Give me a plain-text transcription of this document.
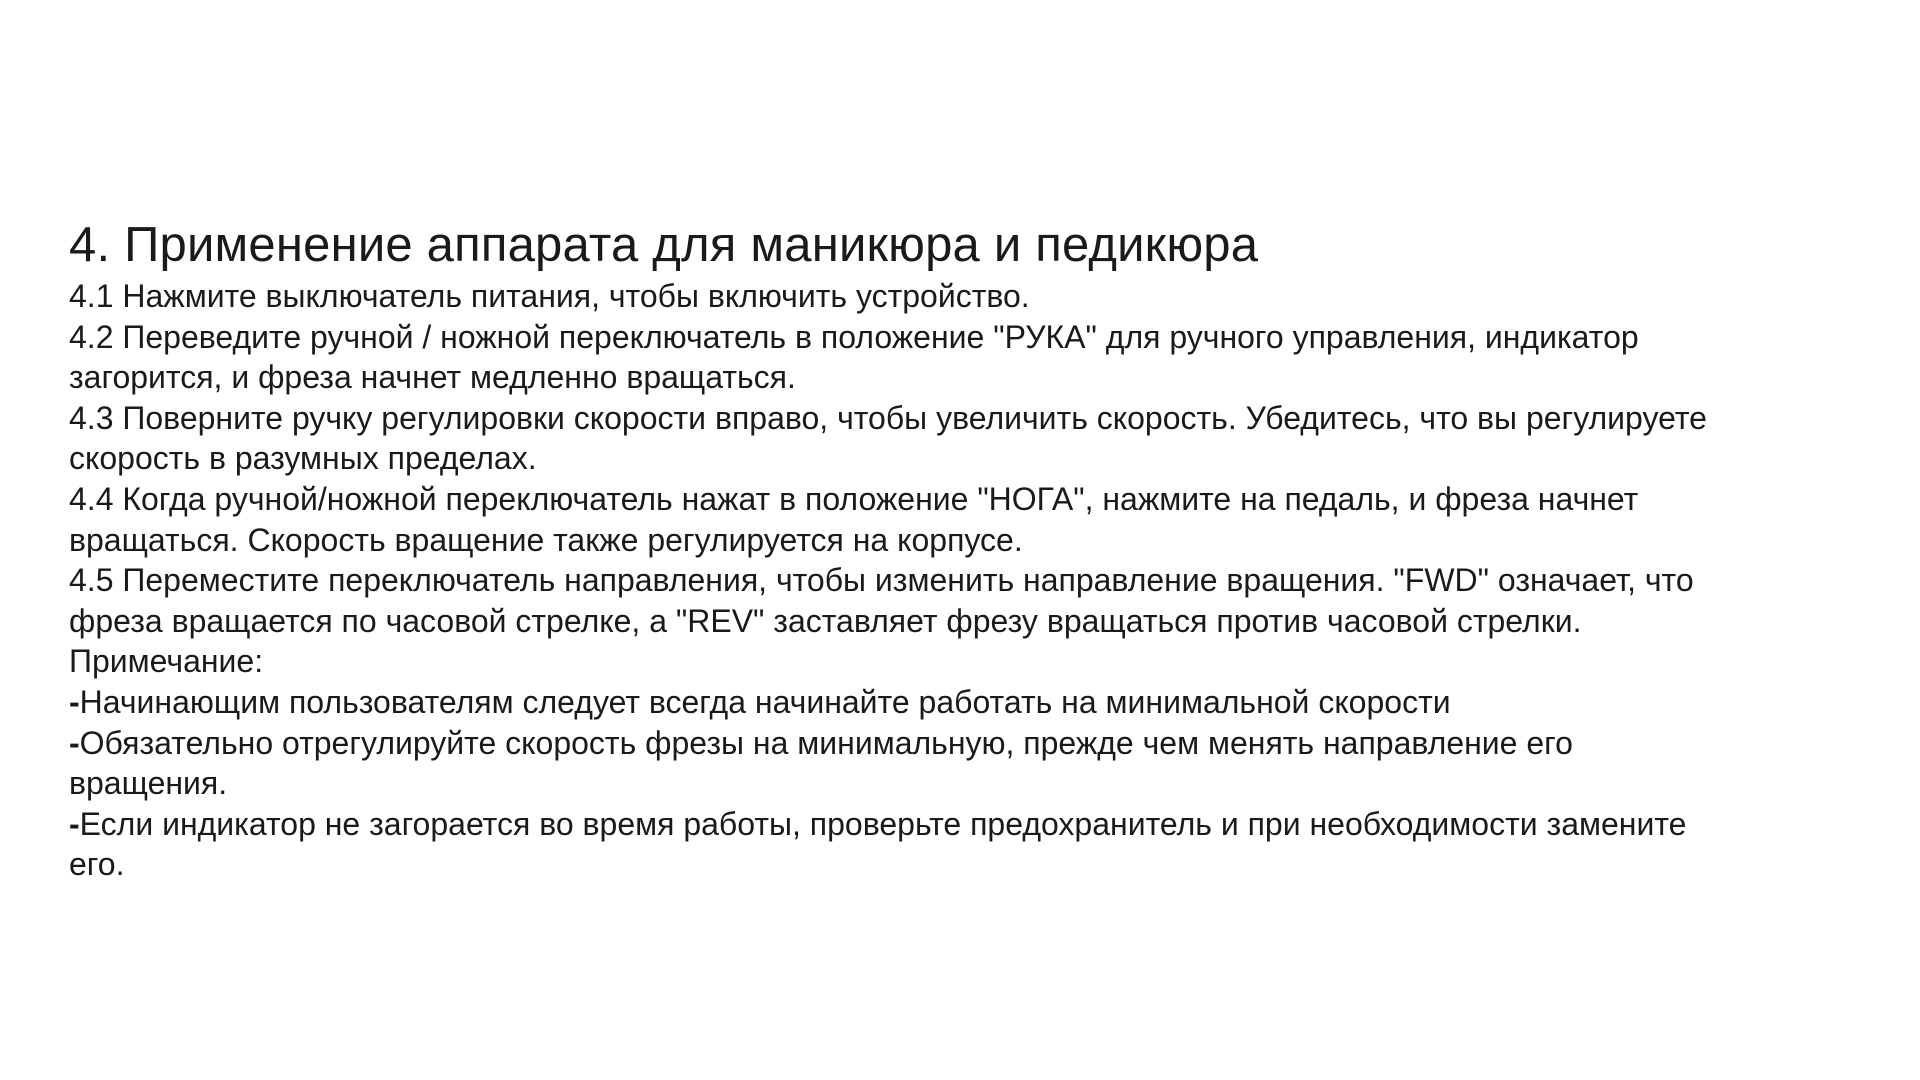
4. Применение аппарата для маникюра и педикюра

4.1 Нажмите выключатель питания, чтобы включить устройство.

4.2 Переведите ручной / ножной переключатель в положение "РУКА" для ручного управления, индикатор

загорится, и фреза начнет медленно вращаться.

4.3 Поверните ручку регулировки скорости вправо, чтобы увеличить скорость. Убедитесь, что вы регулируете

скорость в разумных пределах.

4.4 Когда ручной/ножной переключатель нажат в положение "НОГА", нажмите на педаль, и фреза начнет

вращаться. Скорость вращение также регулируется на корпусе.

4.5 Переместите переключатель направления, чтобы изменить направление вращения. "FWD" означает, что

фреза вращается по часовой стрелке, а "REV" заставляет фрезу вращаться против часовой стрелки.

Примечание:

-Начинающим пользователям следует всегда начинайте работать на минимальной скорости

-Обязательно отрегулируйте скорость фрезы на минимальную, прежде чем менять направление его

вращения.

-Если индикатор не загорается во время работы, проверьте предохранитель и при необходимости замените

его.
